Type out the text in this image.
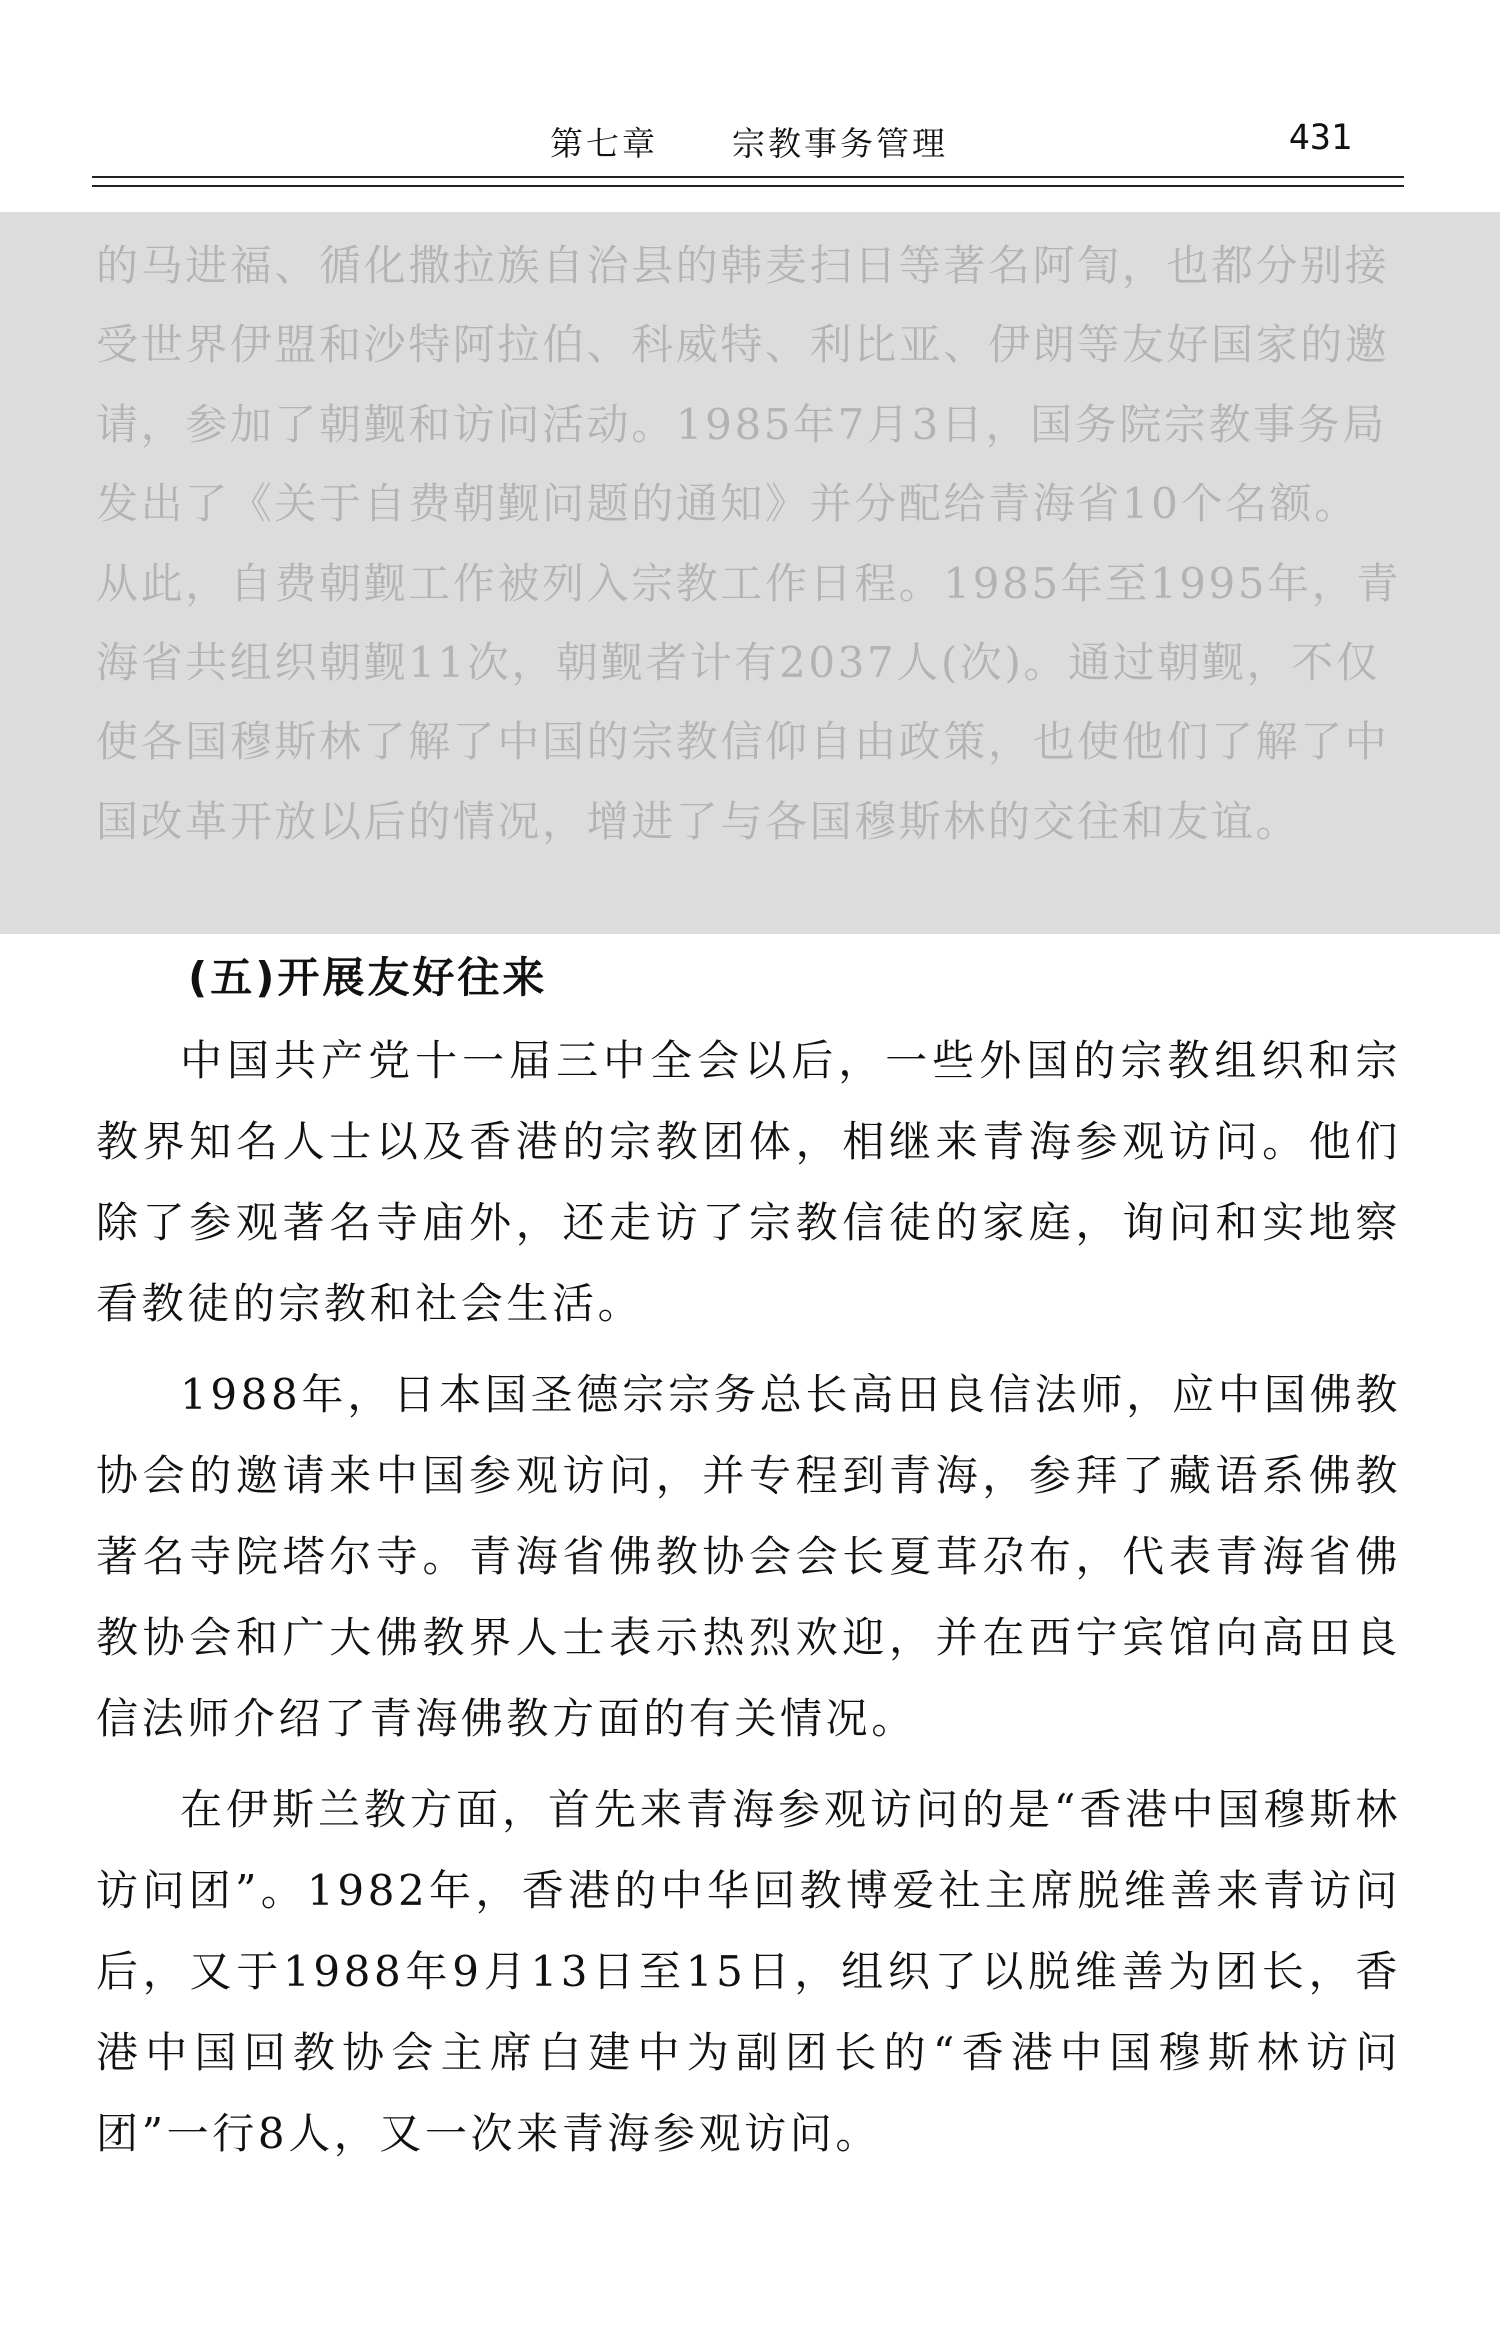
第七章 宗教事务管理	431
的马进福、循化撒拉族自治县的韩麦扫日等著名阿訇，也都分别接受世界伊盟和沙特阿拉伯、科威特、利比亚、伊朗等友好国家的邀请，参加了朝觐和访问活动。1985年7月3日，国务院宗教事务局发出了《关于自费朝觐问题的通知》并分配给青海省10个名额。从此，自费朝觐工作被列入宗教工作日程。1985年至1995年，青海省共组织朝觐11次，朝觐者计有2037人(次)。通过朝觐，不仅使各国穆斯林了解了中国的宗教信仰自由政策，也使他们了解了中国改革开放以后的情况，增进了与各国穆斯林的交往和友谊。
(五)开展友好往来

中国共产党十一届三中全会以后，一些外国的宗教组织和宗教界知名人士以及香港的宗教团体，相继来青海参观访问。他们除了参观著名寺庙外，还走访了宗教信徒的家庭，询问和实地察看教徒的宗教和社会生活。

1988年，日本国圣德宗宗务总长高田良信法师，应中国佛教协会的邀请来中国参观访问，并专程到青海，参拜了藏语系佛教著名寺院塔尔寺。青海省佛教协会会长夏茸尕布，代表青海省佛教协会和广大佛教界人士表示热烈欢迎，并在西宁宾馆向高田良信法师介绍了青海佛教方面的有关情况。

在伊斯兰教方面，首先来青海参观访问的是“香港中国穆斯林访问团”。1982年，香港的中华回教博爱社主席脱维善来青访问后，又于1988年9月13日至15日，组织了以脱维善为团长，香港中国回教协会主席白建中为副团长的“香港中国穆斯林访问团”一行8人，又一次来青海参观访问。
